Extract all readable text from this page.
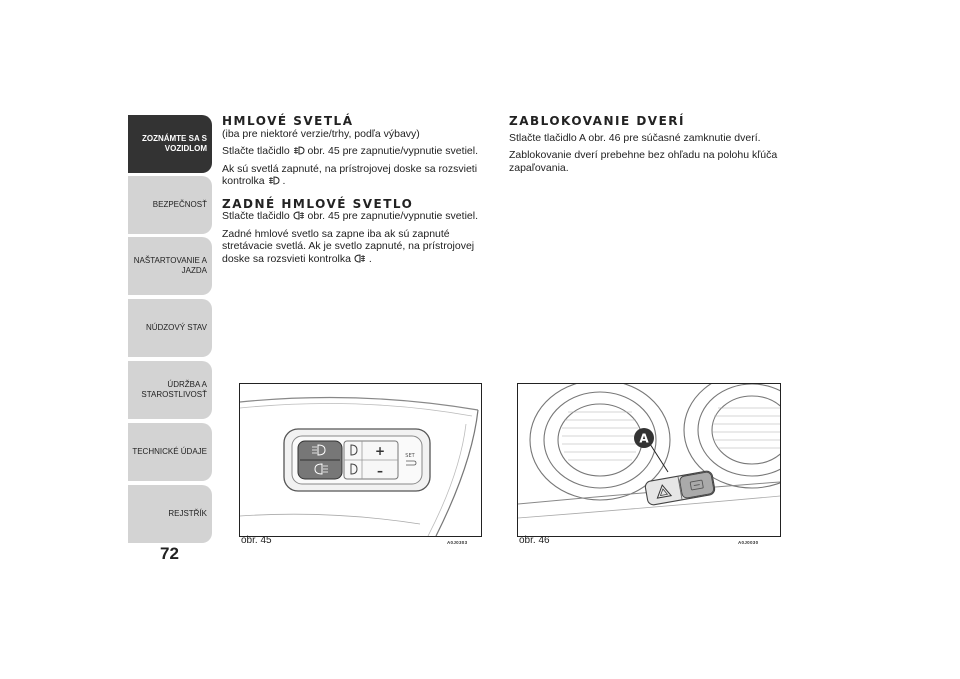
ZOZNÁMTE SA S VOZIDLOM
BEZPEČNOSŤ
NAŠTARTOVANIE A JAZDA
NÚDZOVÝ STAV
ÚDRŽBA A STAROSTLIVOSŤ
TECHNICKÉ ÚDAJE
REJSTŘÍK
72
HMLOVÉ SVETLÁ
(iba pre niektoré verzie/trhy, podľa výbavy)

Stlačte tlačidlo obr. 45 pre zapnutie/vypnutie svetiel.

Ak sú svetlá zapnuté, na prístrojovej doske sa rozsvieti kontrolka .

ZADNÉ HMLOVÉ SVETLO

Stlačte tlačidlo obr. 45 pre zapnutie/vypnutie svetiel.

Zadné hmlové svetlo sa zapne iba ak sú zapnuté stretávacie svetlá. Ak je svetlo zapnuté, na prístrojovej doske sa rozsvieti kontrolka .

ZABLOKOVANIE DVERÍ

Stlačte tlačidlo A obr. 46 pre súčasné zamknutie dverí.

Zablokovanie dverí prebehne bez ohľadu na polohu kľúča zapaľovania.

+
–
SET
obr. 45	A0J0303
A
obr. 46	A0J0030
